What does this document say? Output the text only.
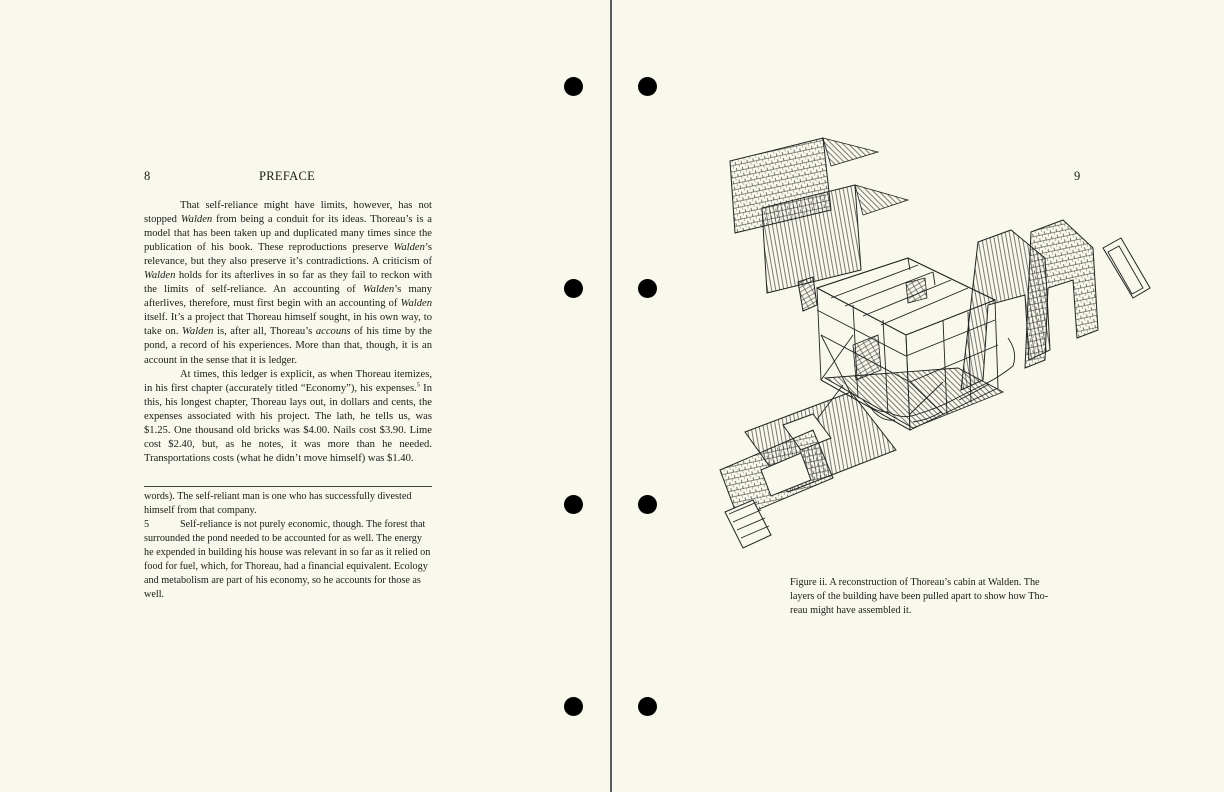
8	PREFACE

That self-reliance might have limits, however, has not stopped Walden from being a conduit for its ideas. Thoreau’s is a model that has been taken up and duplicated many times since the publication of his book. These reproductions preserve Walden’s relevance, but they also preserve it’s contradictions. A criticism of Walden holds for its afterlives in so far as they fail to reckon with the limits of self-reliance. An accounting of Walden’s many afterlives, therefore, must first begin with an accounting of Walden itself. It’s a project that Thoreau himself sought, in his own way, to take on. Walden is, after all, Thoreau’s accouns of his time by the pond, a record of his experiences. More than that, though, it is an account in the sense that it is ledger.

At times, this ledger is explicit, as when Thoreau itemizes, in his first chapter (accurately titled “Economy”), his expenses.$^5$ In this, his longest chapter, Thoreau lays out, in dollars and cents, the expenses associated with his project. The lath, he tells us, was $1.25. One thousand old bricks was $4.00. Nails cost $3.90. Lime cost $2.40, but, as he notes, it was more than he needed. Transportations costs (what he didn’t move himself) was $1.40.

words). The self-reliant man is one who has successfully divested himself from that company.

5	Self-reliance is not purely economic, though. The forest that surrounded the pond needed to be accounted for as well. The energy he expended in building his house was relevant in so far as it relied on food for fuel, which, for Thoreau, had a financial equivalent. Ecology and metabolism are part of his economy, so he accounts for those as well.

9
Figure ii. A reconstruction of Thoreau’s cabin at Walden. The
layers of the building have been pulled apart to show how Tho-
reau might have assembled it.
